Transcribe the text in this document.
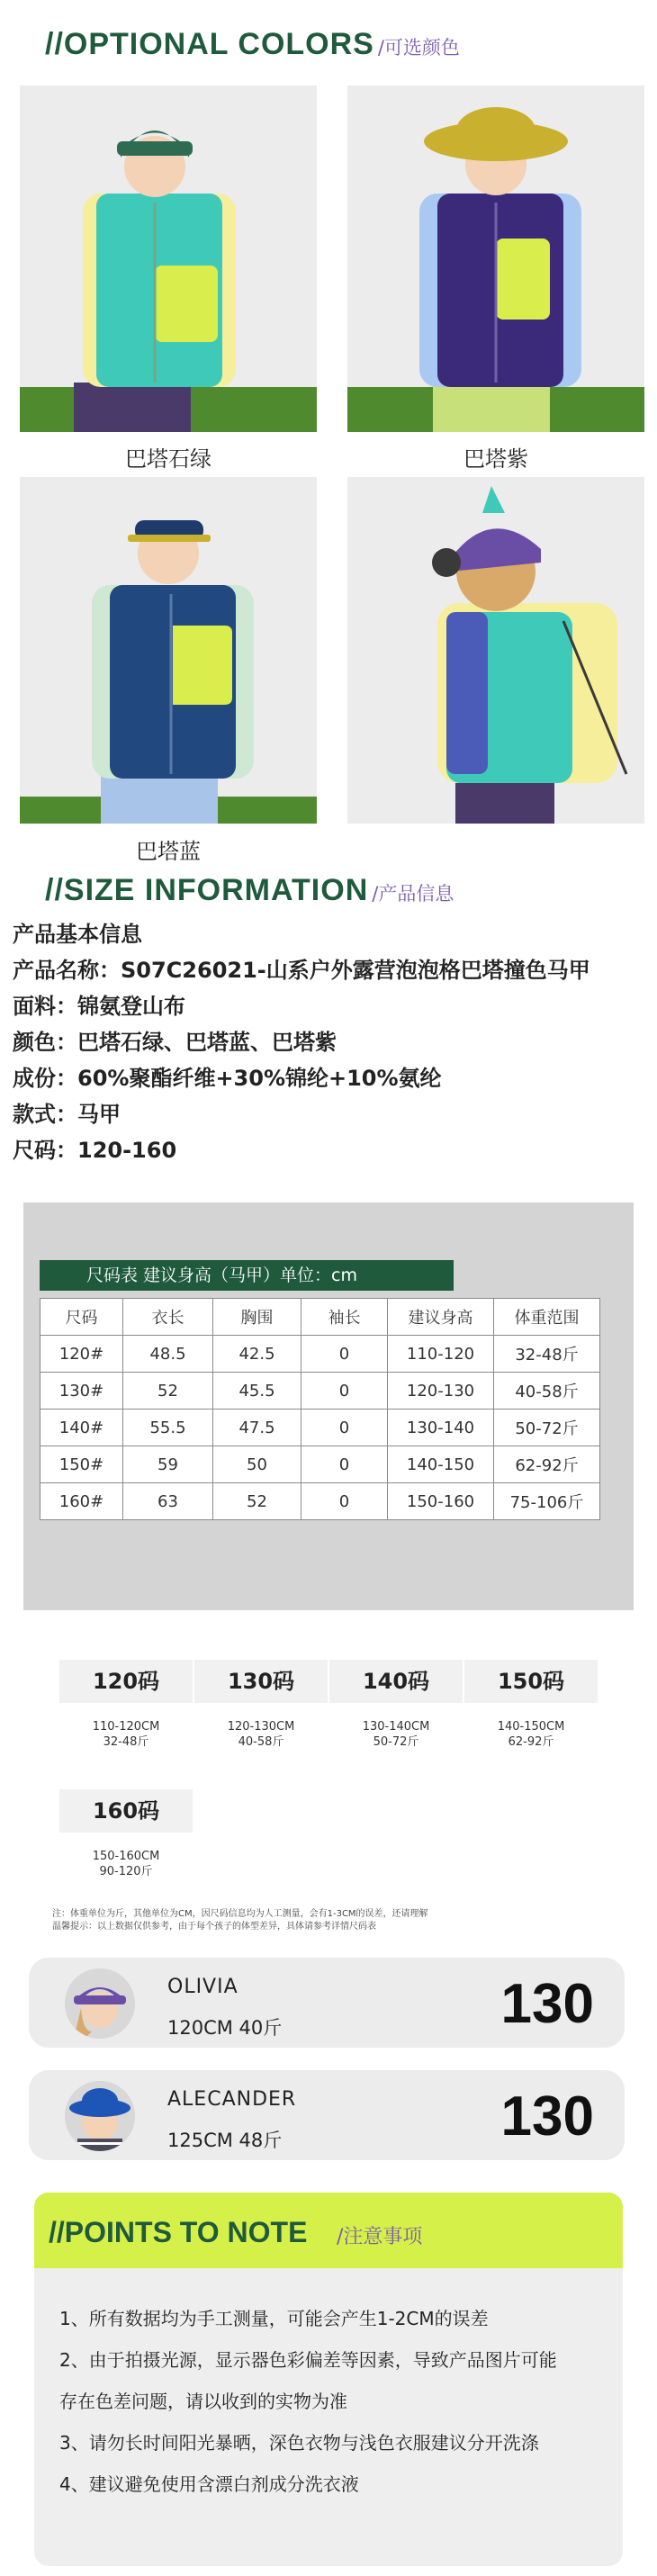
//OPTIONAL COLORS /可选颜色
巴塔石绿	巴塔紫
巴塔蓝
//SIZE INFORMATION /产品信息
产品基本信息
产品名称：S07C26021-山系户外露营泡泡格巴塔撞色马甲
面料：锦氨登山布
颜色：巴塔石绿、巴塔蓝、巴塔紫
成份：60%聚酯纤维+30%锦纶+10%氨纶
款式：马甲
尺码：120-160
尺码表 建议身高（马甲）单位：cm
尺码	衣长	胸围	袖长	建议身高	体重范围
120#	48.5	42.5	0	110-120	32-48斤
130#	52	45.5	0	120-130	40-58斤
140#	55.5	47.5	0	130-140	50-72斤
150#	59	50	0	140-150	62-92斤
160#	63	52	0	150-160	75-106斤
120码
110-120CM
32-48斤
130码
120-130CM
40-58斤
140码
130-140CM
50-72斤
150码
140-150CM
62-92斤
160码
150-160CM
90-120斤
注：体重单位为斤，其他单位为CM，因尺码信息均为人工测量，会有1-3CM的误差，还请理解
温馨提示：以上数据仅供参考，由于每个孩子的体型差异，具体请参考详情尺码表
OLIVIA
120CM 40斤	130
ALECANDER
125CM 48斤	130
//POINTS TO NOTE /注意事项
1、所有数据均为手工测量，可能会产生1-2CM的误差
2、由于拍摄光源，显示器色彩偏差等因素，导致产品图片可能
存在色差问题，请以收到的实物为准
3、请勿长时间阳光暴晒，深色衣物与浅色衣服建议分开洗涤
4、建议避免使用含漂白剂成分洗衣液
